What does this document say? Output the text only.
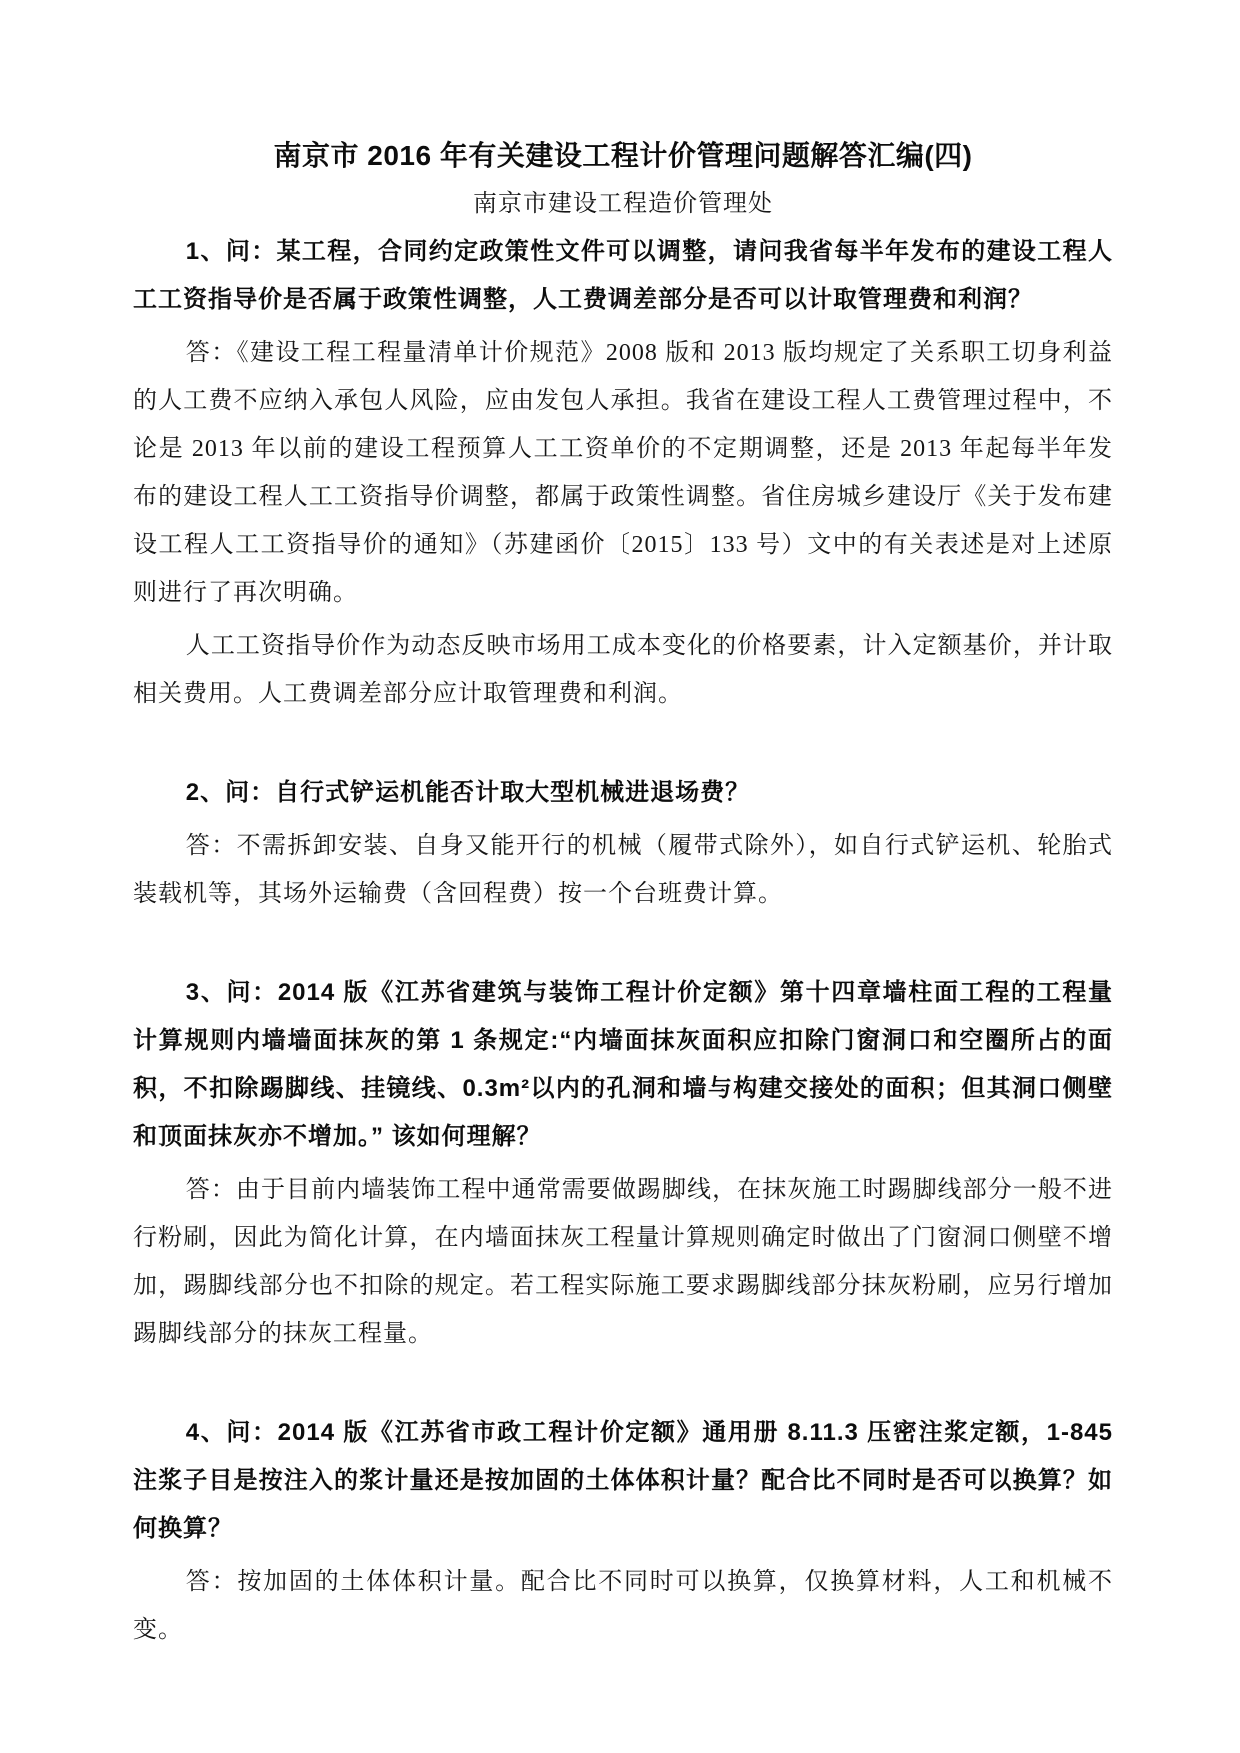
南京市 2016 年有关建设工程计价管理问题解答汇编(四)
南京市建设工程造价管理处

1、问：某工程，合同约定政策性文件可以调整，请问我省每半年发布的建设工程人工工资指导价是否属于政策性调整，人工费调差部分是否可以计取管理费和利润？

答：《建设工程工程量清单计价规范》2008 版和 2013 版均规定了关系职工切身利益的人工费不应纳入承包人风险，应由发包人承担。我省在建设工程人工费管理过程中，不论是 2013 年以前的建设工程预算人工工资单价的不定期调整，还是 2013 年起每半年发布的建设工程人工工资指导价调整，都属于政策性调整。省住房城乡建设厅《关于发布建设工程人工工资指导价的通知》（苏建函价〔2015〕133 号）文中的有关表述是对上述原则进行了再次明确。

人工工资指导价作为动态反映市场用工成本变化的价格要素，计入定额基价，并计取相关费用。人工费调差部分应计取管理费和利润。

2、问：自行式铲运机能否计取大型机械进退场费？

答：不需拆卸安装、自身又能开行的机械（履带式除外），如自行式铲运机、轮胎式装载机等，其场外运输费（含回程费）按一个台班费计算。

3、问：2014 版《江苏省建筑与装饰工程计价定额》第十四章墙柱面工程的工程量计算规则内墙墙面抹灰的第 1 条规定:“内墙面抹灰面积应扣除门窗洞口和空圈所占的面积，不扣除踢脚线、挂镜线、0.3m²以内的孔洞和墙与构建交接处的面积；但其洞口侧壁和顶面抹灰亦不增加。” 该如何理解？

答：由于目前内墙装饰工程中通常需要做踢脚线，在抹灰施工时踢脚线部分一般不进行粉刷，因此为简化计算，在内墙面抹灰工程量计算规则确定时做出了门窗洞口侧壁不增加，踢脚线部分也不扣除的规定。若工程实际施工要求踢脚线部分抹灰粉刷，应另行增加踢脚线部分的抹灰工程量。

4、问：2014 版《江苏省市政工程计价定额》通用册 8.11.3 压密注浆定额，1-845 注浆子目是按注入的浆计量还是按加固的土体体积计量？配合比不同时是否可以换算？如何换算？

答：按加固的土体体积计量。配合比不同时可以换算，仅换算材料，人工和机械不变。
